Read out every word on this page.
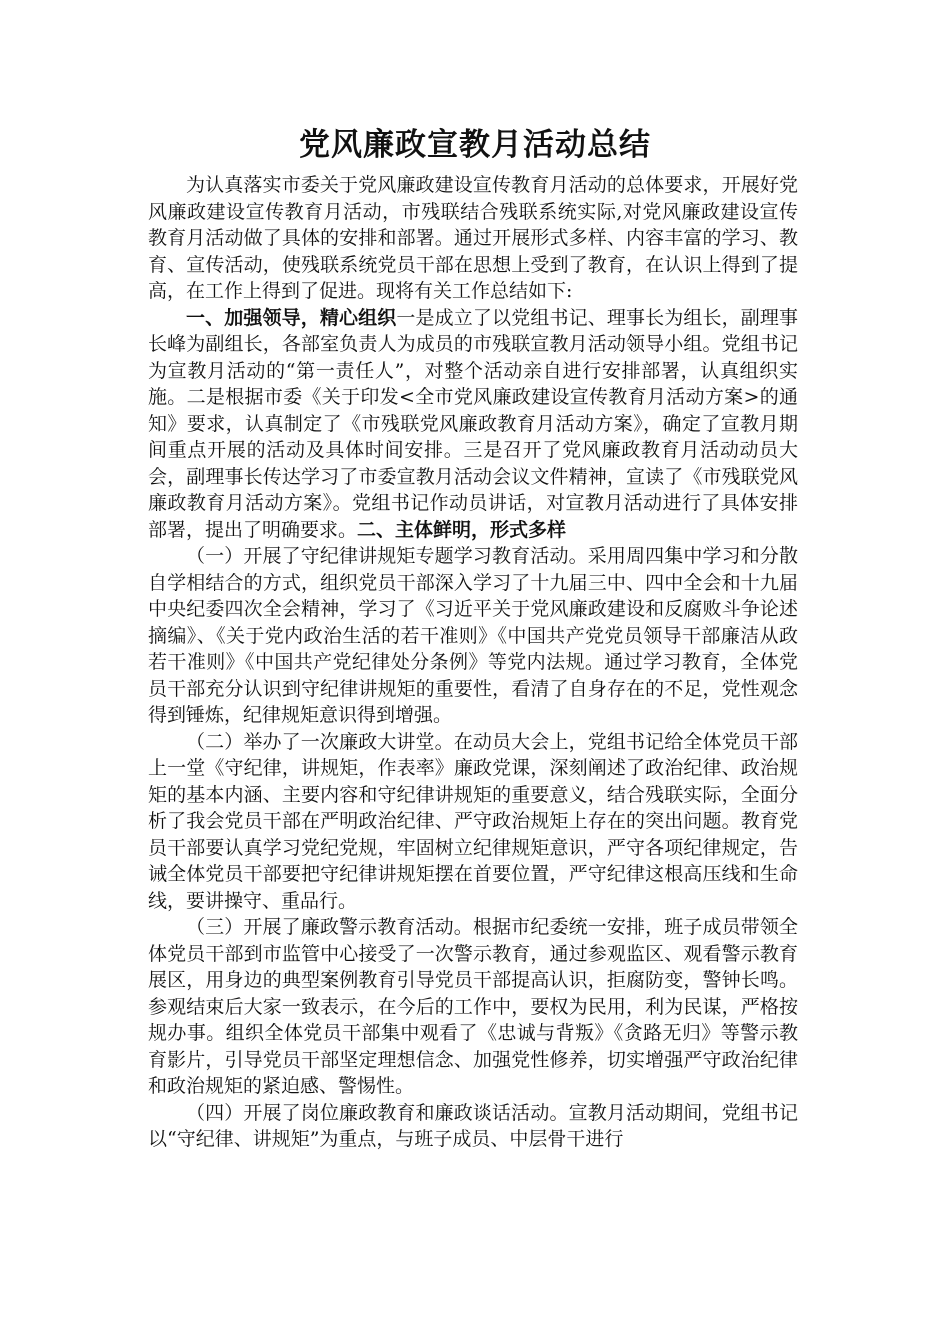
党风廉政宣教月活动总结

为认真落实市委关于党风廉政建设宣传教育月活动的总体要求，开展好党风廉政建设宣传教育月活动，市残联结合残联系统实际,对党风廉政建设宣传教育月活动做了具体的安排和部署。通过开展形式多样、内容丰富的学习、教育、宣传活动，使残联系统党员干部在思想上受到了教育，在认识上得到了提高，在工作上得到了促进。现将有关工作总结如下:

一、加强领导，精心组织一是成立了以党组书记、理事长为组长，副理事长峰为副组长，各部室负责人为成员的市残联宣教月活动领导小组。党组书记为宣教月活动的“第一责任人”，对整个活动亲自进行安排部署，认真组织实施。二是根据市委《关于印发<全市党风廉政建设宣传教育月活动方案>的通知》要求，认真制定了《市残联党风廉政教育月活动方案》，确定了宣教月期间重点开展的活动及具体时间安排。三是召开了党风廉政教育月活动动员大会，副理事长传达学习了市委宣教月活动会议文件精神，宣读了《市残联党风廉政教育月活动方案》。党组书记作动员讲话，对宣教月活动进行了具体安排部署，提出了明确要求。二、主体鲜明，形式多样

（一）开展了守纪律讲规矩专题学习教育活动。采用周四集中学习和分散自学相结合的方式，组织党员干部深入学习了十九届三中、四中全会和十九届中央纪委四次全会精神，学习了《习近平关于党风廉政建设和反腐败斗争论述摘编》、《关于党内政治生活的若干准则》《中国共产党党员领导干部廉洁从政若干准则》《中国共产党纪律处分条例》等党内法规。通过学习教育，全体党员干部充分认识到守纪律讲规矩的重要性，看清了自身存在的不足，党性观念得到锤炼，纪律规矩意识得到增强。

（二）举办了一次廉政大讲堂。在动员大会上，党组书记给全体党员干部上一堂《守纪律，讲规矩，作表率》廉政党课，深刻阐述了政治纪律、政治规矩的基本内涵、主要内容和守纪律讲规矩的重要意义，结合残联实际，全面分析了我会党员干部在严明政治纪律、严守政治规矩上存在的突出问题。教育党员干部要认真学习党纪党规，牢固树立纪律规矩意识，严守各项纪律规定，告诫全体党员干部要把守纪律讲规矩摆在首要位置，严守纪律这根高压线和生命线，要讲操守、重品行。

（三）开展了廉政警示教育活动。根据市纪委统一安排，班子成员带领全体党员干部到市监管中心接受了一次警示教育，通过参观监区、观看警示教育展区，用身边的典型案例教育引导党员干部提高认识，拒腐防变，警钟长鸣。参观结束后大家一致表示，在今后的工作中，要权为民用，利为民谋，严格按规办事。组织全体党员干部集中观看了《忠诚与背叛》《贪路无归》等警示教育影片，引导党员干部坚定理想信念、加强党性修养，切实增强严守政治纪律和政治规矩的紧迫感、警惕性。

（四）开展了岗位廉政教育和廉政谈话活动。宣教月活动期间，党组书记以“守纪律、讲规矩”为重点，与班子成员、中层骨干进行
